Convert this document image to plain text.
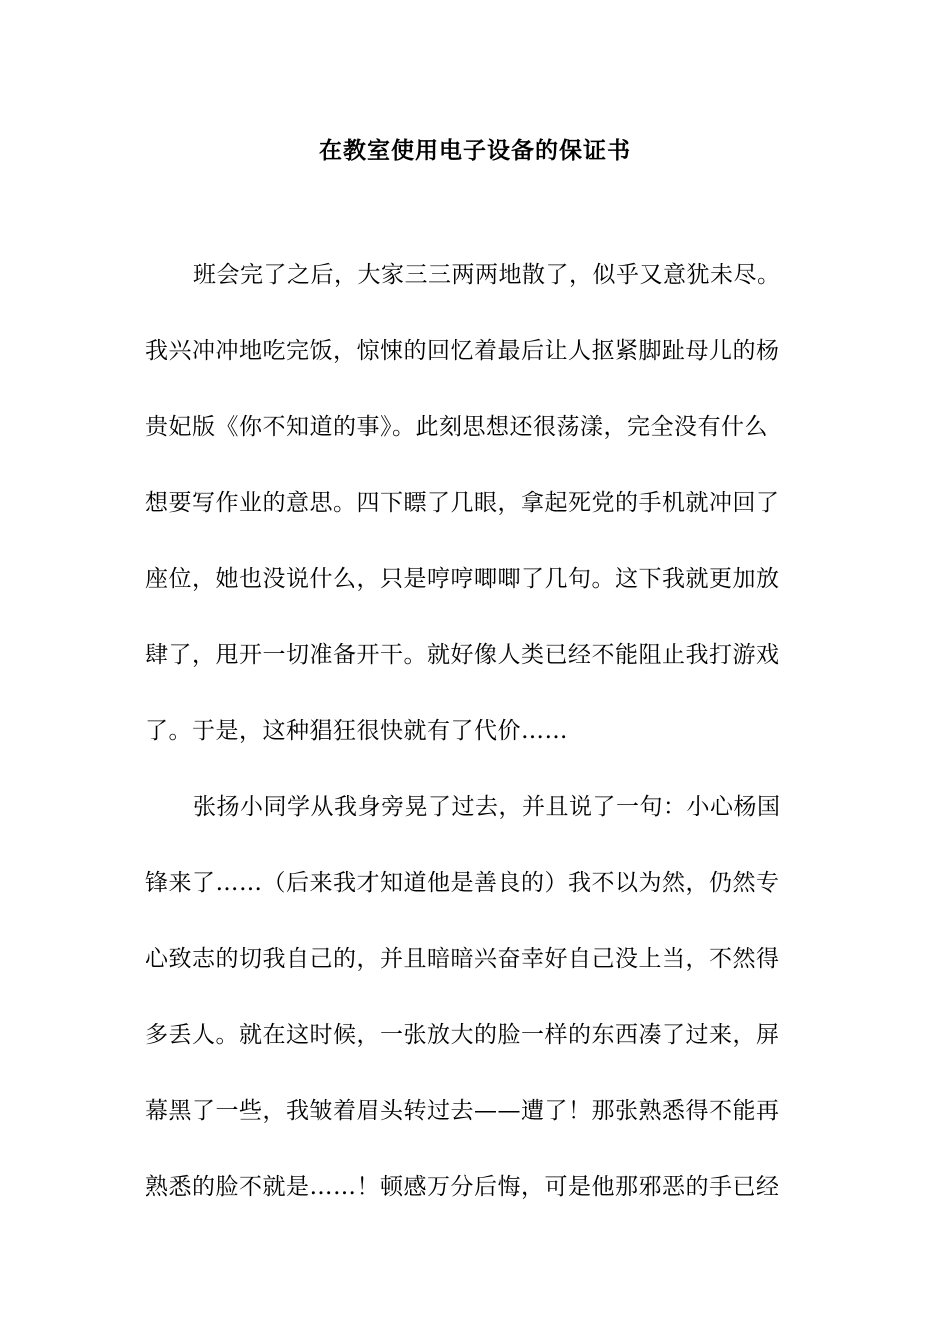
在教室使用电子设备的保证书

班会完了之后，大家三三两两地散了，似乎又意犹未尽。

我兴冲冲地吃完饭，惊悚的回忆着最后让人抠紧脚趾母儿的杨

贵妃版《你不知道的事》。此刻思想还很荡漾，完全没有什么

想要写作业的意思。四下瞟了几眼，拿起死党的手机就冲回了

座位，她也没说什么，只是哼哼唧唧了几句。这下我就更加放

肆了，甩开一切准备开干。就好像人类已经不能阻止我打游戏

了。于是，这种猖狂很快就有了代价……

张扬小同学从我身旁晃了过去，并且说了一句：小心杨国

锋来了……（后来我才知道他是善良的）我不以为然，仍然专

心致志的切我自己的，并且暗暗兴奋幸好自己没上当，不然得

多丢人。就在这时候，一张放大的脸一样的东西凑了过来，屏

幕黑了一些，我皱着眉头转过去——遭了！那张熟悉得不能再

熟悉的脸不就是……！顿感万分后悔，可是他那邪恶的手已经
